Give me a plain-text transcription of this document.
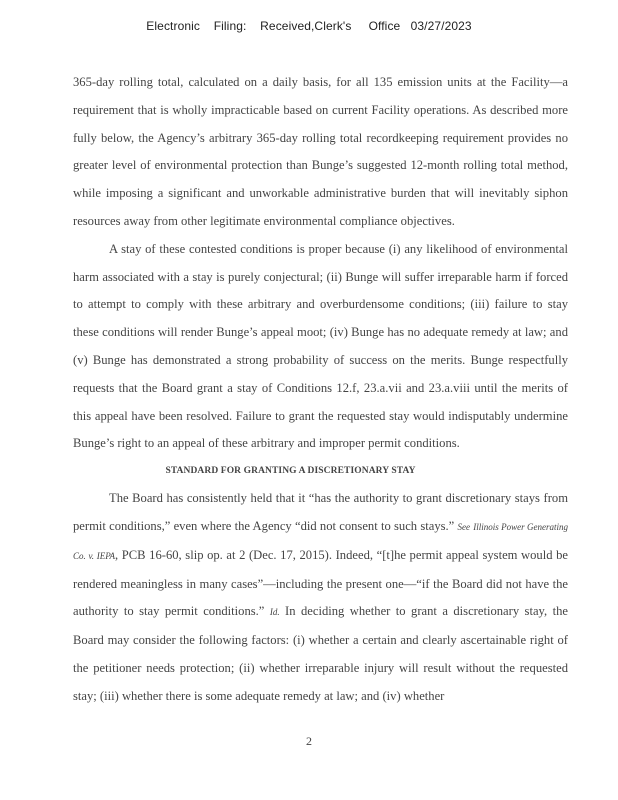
Electronic    Filing:    Received,Clerk's     Office   03/27/2023

365-day rolling total, calculated on a daily basis, for all 135 emission units at the Facility—a requirement that is wholly impracticable based on current Facility operations. As described more fully below, the Agency’s arbitrary 365-day rolling total recordkeeping requirement provides no greater level of environmental protection than Bunge’s suggested 12-month rolling total method, while imposing a significant and unworkable administrative burden that will inevitably siphon resources away from other legitimate environmental compliance objectives.

A stay of these contested conditions is proper because (i) any likelihood of environmental harm associated with a stay is purely conjectural; (ii) Bunge will suffer irreparable harm if forced to attempt to comply with these arbitrary and overburdensome conditions; (iii) failure to stay these conditions will render Bunge’s appeal moot; (iv) Bunge has no adequate remedy at law; and (v) Bunge has demonstrated a strong probability of success on the merits. Bunge respectfully requests that the Board grant a stay of Conditions 12.f, 23.a.vii and 23.a.viii until the merits of this appeal have been resolved. Failure to grant the requested stay would indisputably undermine Bunge’s right to an appeal of these arbitrary and improper permit conditions.

STANDARD FOR GRANTING A DISCRETIONARY STAY

The Board has consistently held that it “has the authority to grant discretionary stays from permit conditions,” even where the Agency “did not consent to such stays.” See Illinois Power Generating Co. v. IEPA, PCB 16-60, slip op. at 2 (Dec. 17, 2015). Indeed, “[t]he permit appeal system would be rendered meaningless in many cases”—including the present one—“if the Board did not have the authority to stay permit conditions.” Id. In deciding whether to grant a discretionary stay, the Board may consider the following factors: (i) whether a certain and clearly ascertainable right of the petitioner needs protection; (ii) whether irreparable injury will result without the requested stay; (iii) whether there is some adequate remedy at law; and (iv) whether

2
